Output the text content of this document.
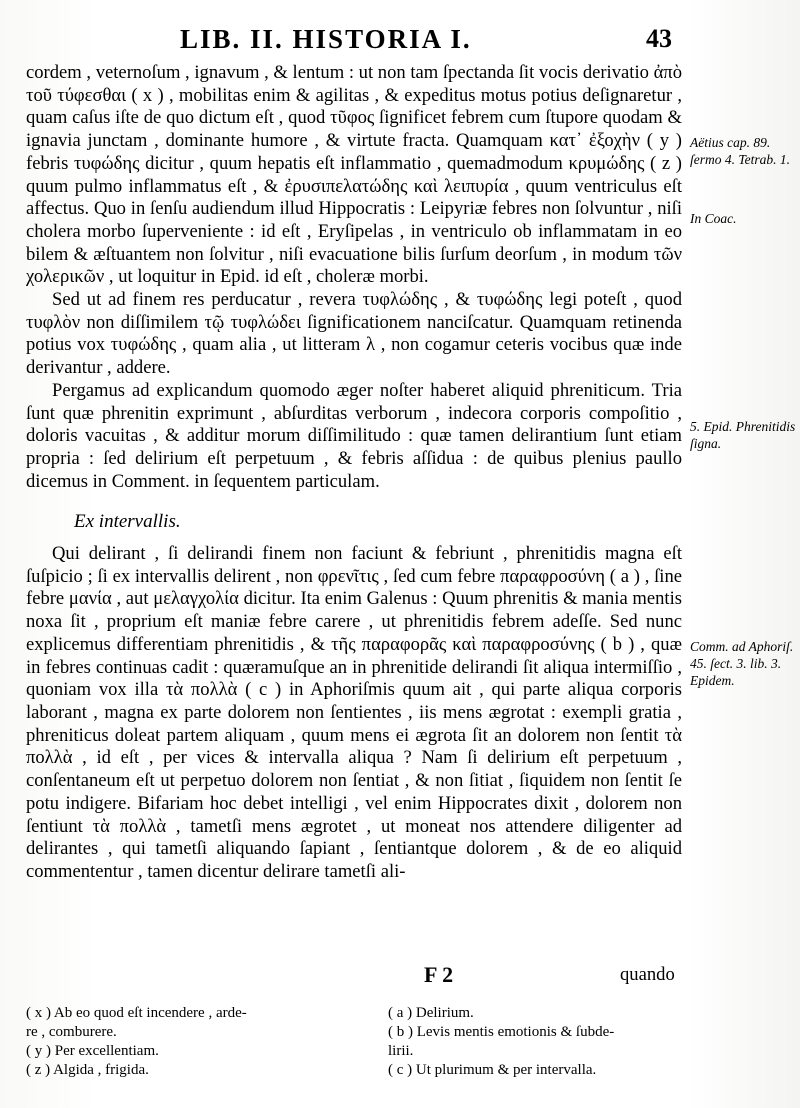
LIB. II. HISTORIA I.	43

cordem , veternoſum , ignavum , & lentum : ut non tam ſpectanda ſit vocis derivatio ἀπὸ τοῦ τύφεσθαι ( x ) , mobilitas enim & agilitas , & expeditus motus potius deſignaretur , quam caſus iſte de quo dictum eſt , quod τῦφος ſignificet febrem cum ſtupore quodam & ignavia junctam , dominante humore , & virtute fracta. Quamquam κατ᾽ ἐξοχὴν ( y ) febris τυφώδης dicitur , quum hepatis eſt inflammatio , quemadmodum κρυμώδης ( z ) quum pulmo inflammatus eſt , & ἐρυσιπελατώδης καὶ λειπυρία , quum ventriculus eſt affectus. Quo in ſenſu audiendum illud Hippocratis : Leipyriæ febres non ſolvuntur , niſi cholera morbo ſuperveniente : id eſt , Eryſipelas , in ventriculo ob inflammatam in eo bilem & æſtuantem non ſolvitur , niſi evacuatione bilis ſurſum deorſum , in modum τῶν χολερικῶν , ut loquitur in Epid. id eſt , choleræ morbi.

Sed ut ad finem res perducatur , revera τυφλώδης , & τυφώδης legi poteſt , quod τυφλὸν non diſſimilem τῷ τυφλώδει ſignificationem nanciſcatur. Quamquam retinenda potius vox τυφώδης , quam alia , ut litteram λ , non cogamur ceteris vocibus quæ inde derivantur , addere.

Pergamus ad explicandum quomodo æger noſter haberet aliquid phreniticum. Tria ſunt quæ phrenitin exprimunt , abſurditas verborum , indecora corporis compoſitio , doloris vacuitas , & additur morum diſſimilitudo : quæ tamen delirantium ſunt etiam propria : ſed delirium eſt perpetuum , & febris aſſidua : de quibus plenius paullo dicemus in Comment. in ſequentem particulam.

Ex intervallis.

Qui delirant , ſi delirandi finem non faciunt & febriunt , phrenitidis magna eſt ſuſpicio ; ſi ex intervallis delirent , non φρενῖτις , ſed cum febre παραφροσύνη ( a ) , ſine febre μανία , aut μελαγχολία dicitur. Ita enim Galenus : Quum phrenitis & mania mentis noxa ſit , proprium eſt maniæ febre carere , ut phrenitidis febrem adeſſe. Sed nunc explicemus differentiam phrenitidis , & τῆς παραφορᾶς καὶ παραφροσύνης ( b ) , quæ in febres continuas cadit : quæramuſque an in phrenitide delirandi ſit aliqua intermiſſio , quoniam vox illa τὰ πολλὰ ( c ) in Aphoriſmis quum ait , qui parte aliqua corporis laborant , magna ex parte dolorem non ſentientes , iis mens ægrotat : exempli gratia , phreniticus doleat partem aliquam , quum mens ei ægrota ſit an dolorem non ſentit τὰ πολλὰ , id eſt , per vices & intervalla aliqua ? Nam ſi delirium eſt perpetuum , conſentaneum eſt ut perpetuo dolorem non ſentiat , & non ſitiat , ſiquidem non ſentit ſe potu indigere. Bifariam hoc debet intelligi , vel enim Hippocrates dixit , dolorem non ſentiunt τὰ πολλὰ , tametſi mens ægrotet , ut moneat nos attendere diligenter ad delirantes , qui tametſi aliquando ſapiant , ſentiantque dolorem , & de eo aliquid commententur , tamen dicentur delirare tametſi ali-

F 2	quando
Aëtius cap. 89. ſermo 4. Tetrab. 1.
In Coac.
5. Epid. Phrenitidis ſigna.
Comm. ad Aphoriſ. 45. ſect. 3. lib. 3. Epidem.
( x ) Ab eo quod eſt incendere , arde-
re , comburere.
( y ) Per excellentiam.
( z ) Algida , frigida.
( a ) Delirium.
( b ) Levis mentis emotionis & ſubde-
lirii.
( c ) Ut plurimum & per intervalla.
